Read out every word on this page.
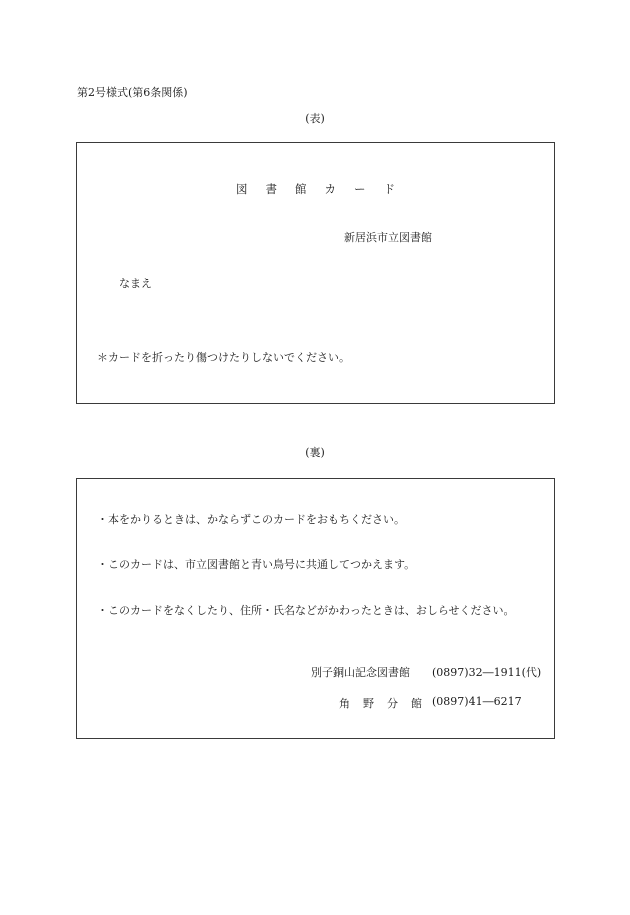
第2号様式(第6条関係)
(表)
図書館カード
新居浜市立図書館
なまえ
＊カードを折ったり傷つけたりしないでください。
(裏)
・本をかりるときは、かならずこのカードをおもちください。
・このカードは、市立図書館と青い鳥号に共通してつかえます。
・このカードをなくしたり、住所・氏名などがかわったときは、おしらせください。
別子銅山記念図書館 (0897)32―1911(代)
角野分館
(0897)41―6217
